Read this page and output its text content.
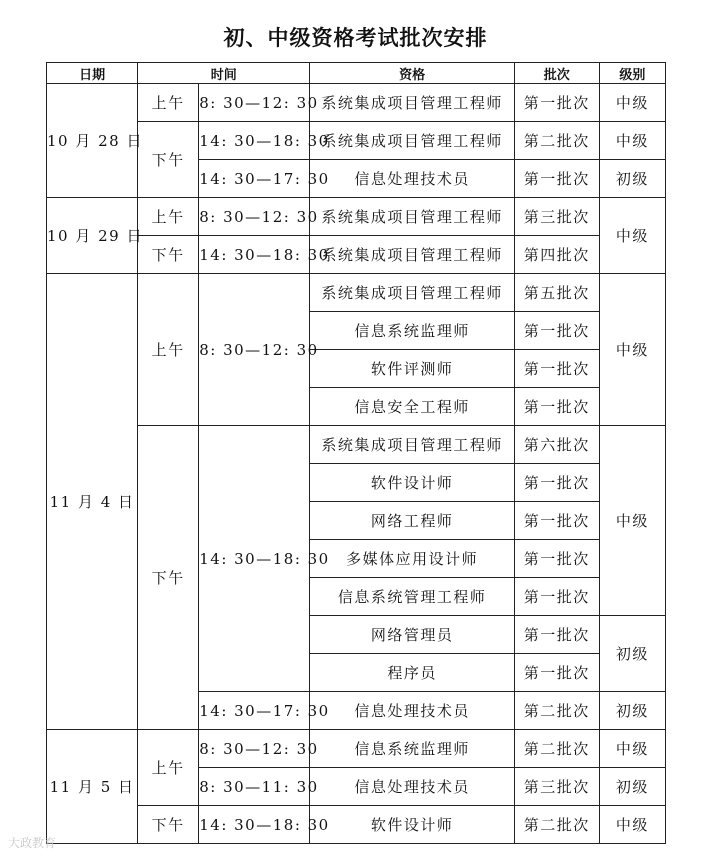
初、中级资格考试批次安排
日期	时间		资格	批次	级别
10 月 28 日	上午	8: 30—12: 30	系统集成项目管理工程师	第一批次	中级
	下午	14: 30—18: 30	系统集成项目管理工程师	第二批次	中级
		14: 30—17: 30	信息处理技术员	第一批次	初级
10 月 29 日	上午	8: 30—12: 30	系统集成项目管理工程师	第三批次	中级
	下午	14: 30—18: 30	系统集成项目管理工程师	第四批次	
11 月 4 日	上午	8: 30—12: 30	系统集成项目管理工程师	第五批次	中级
			信息系统监理师	第一批次	
			软件评测师	第一批次	
			信息安全工程师	第一批次	
	下午	14: 30—18: 30	系统集成项目管理工程师	第六批次	中级
			软件设计师	第一批次	
			网络工程师	第一批次	
			多媒体应用设计师	第一批次	
			信息系统管理工程师	第一批次	
			网络管理员	第一批次	初级
			程序员	第一批次	
		14: 30—17: 30	信息处理技术员	第二批次	初级
11 月 5 日	上午	8: 30—12: 30	信息系统监理师	第二批次	中级
		8: 30—11: 30	信息处理技术员	第三批次	初级
	下午	14: 30—18: 30	软件设计师	第二批次	中级
大政教育
